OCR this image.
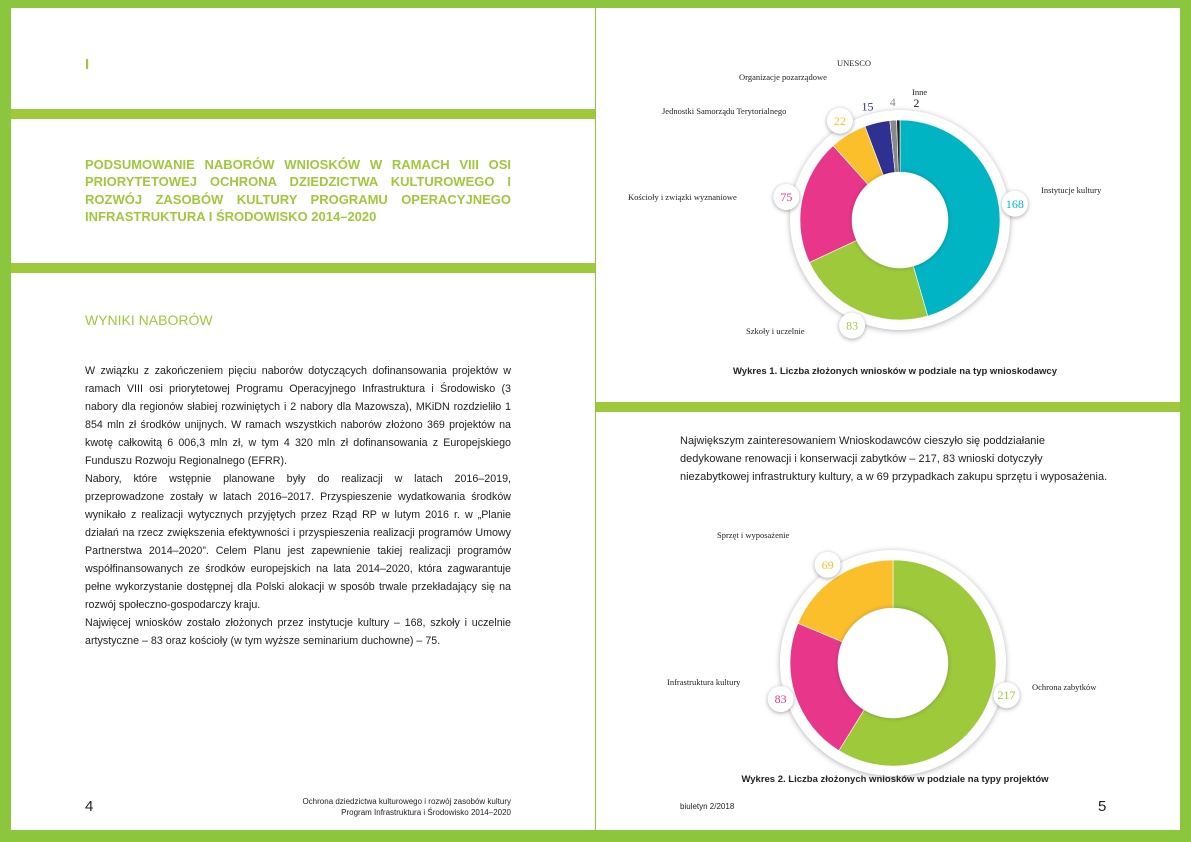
I
PODSUMOWANIE NABORÓW WNIOSKÓW W RAMACH VIII OSI PRIORYTETOWEJ OCHRONA DZIEDZICTWA KULTUROWEGO I ROZWÓJ ZASOBÓW KULTURY PROGRAMU OPERACYJNEGO INFRASTRUKTURA I ŚRODOWISKO 2014–2020
WYNIKI NABORÓW

W związku z zakończeniem pięciu naborów dotyczących dofinansowania projektów w ramach VIII osi priorytetowej Programu Operacyjnego Infrastruktura i Środowisko (3 nabory dla regionów słabiej rozwiniętych i 2 nabory dla Mazowsza), MKiDN rozdzieliło 1 854 mln zł środków unijnych. W ramach wszystkich naborów złożono 369 projektów na kwotę całkowitą 6 006,3 mln zł, w tym 4 320 mln zł dofinansowania z Europejskiego Funduszu Rozwoju Regionalnego (EFRR).

Nabory, które wstępnie planowane były do realizacji w latach 2016–2019, przeprowadzone zostały w latach 2016–2017. Przyspieszenie wydatkowania środków wynikało z realizacji wytycznych przyjętych przez Rząd RP w lutym 2016 r. w „Planie działań na rzecz zwiększenia efektywności i przyspieszenia realizacji programów Umowy Partnerstwa 2014–2020”. Celem Planu jest zapewnienie takiej realizacji programów współfinansowanych ze środków europejskich na lata 2014–2020, która zagwarantuje pełne wykorzystanie dostępnej dla Polski alokacji w sposób trwale przekładający się na rozwój społeczno-gospodarczy kraju.

Najwięcej wniosków zostało złożonych przez instytucje kultury – 168, szkoły i uczelnie artystyczne – 83 oraz kościoły (w tym wyższe seminarium duchowne) – 75.

4	Ochrona dziedzictwa kulturowego i rozwój zasobów kultury
Program Infrastruktura i Środowisko 2014–2020
168
83
75
22
15 4 2
UNESCO
Organizacje pozarządowe
Inne
Jednostki Samorządu Terytorialnego
Kościoły i związki wyznaniowe
Instytucje kultury
Szkoły i uczelnie
Wykres 1. Liczba złożonych wniosków w podziale na typ wnioskodawcy
Największym zainteresowaniem Wnioskodawców cieszyło się poddziałanie dedykowane renowacji i konserwacji zabytków – 217, 83 wnioski dotyczyły niezabytkowej infrastruktury kultury, a w 69 przypadkach zakupu sprzętu i wyposażenia.
217
83
69
Sprzęt i wyposażenie
Infrastruktura kultury	Ochrona zabytków
Wykres 2. Liczba złożonych wniosków w podziale na typy projektów
biuletyn 2/2018	5
